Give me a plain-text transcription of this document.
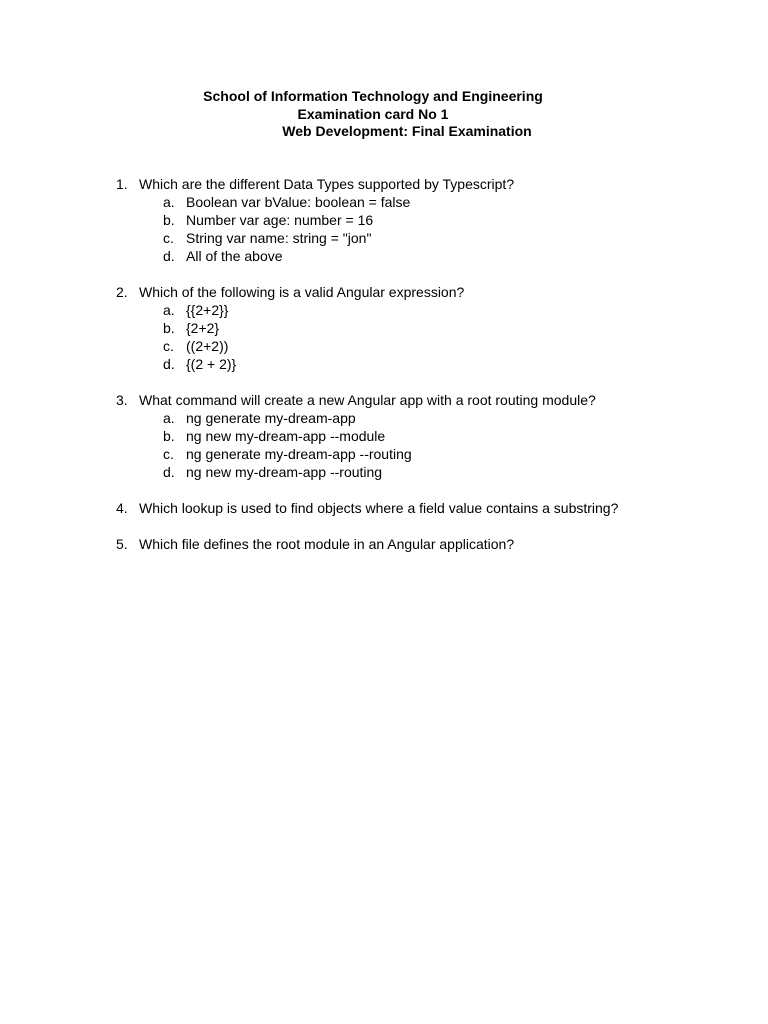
School of Information Technology and Engineering
Examination card No 1
Web Development: Final Examination
1. Which are the different Data Types supported by Typescript?
a. Boolean var bValue: boolean = false
b. Number var age: number = 16
c. String var name: string = "jon"
d. All of the above
2. Which of the following is a valid Angular expression?
a. {{2+2}}
b. {2+2}
c. ((2+2))
d. {(2 + 2)}
3. What command will create a new Angular app with a root routing module?
a. ng generate my-dream-app
b. ng new my-dream-app --module
c. ng generate my-dream-app --routing
d. ng new my-dream-app --routing
4. Which lookup is used to find objects where a field value contains a substring?
5. Which file defines the root module in an Angular application?
